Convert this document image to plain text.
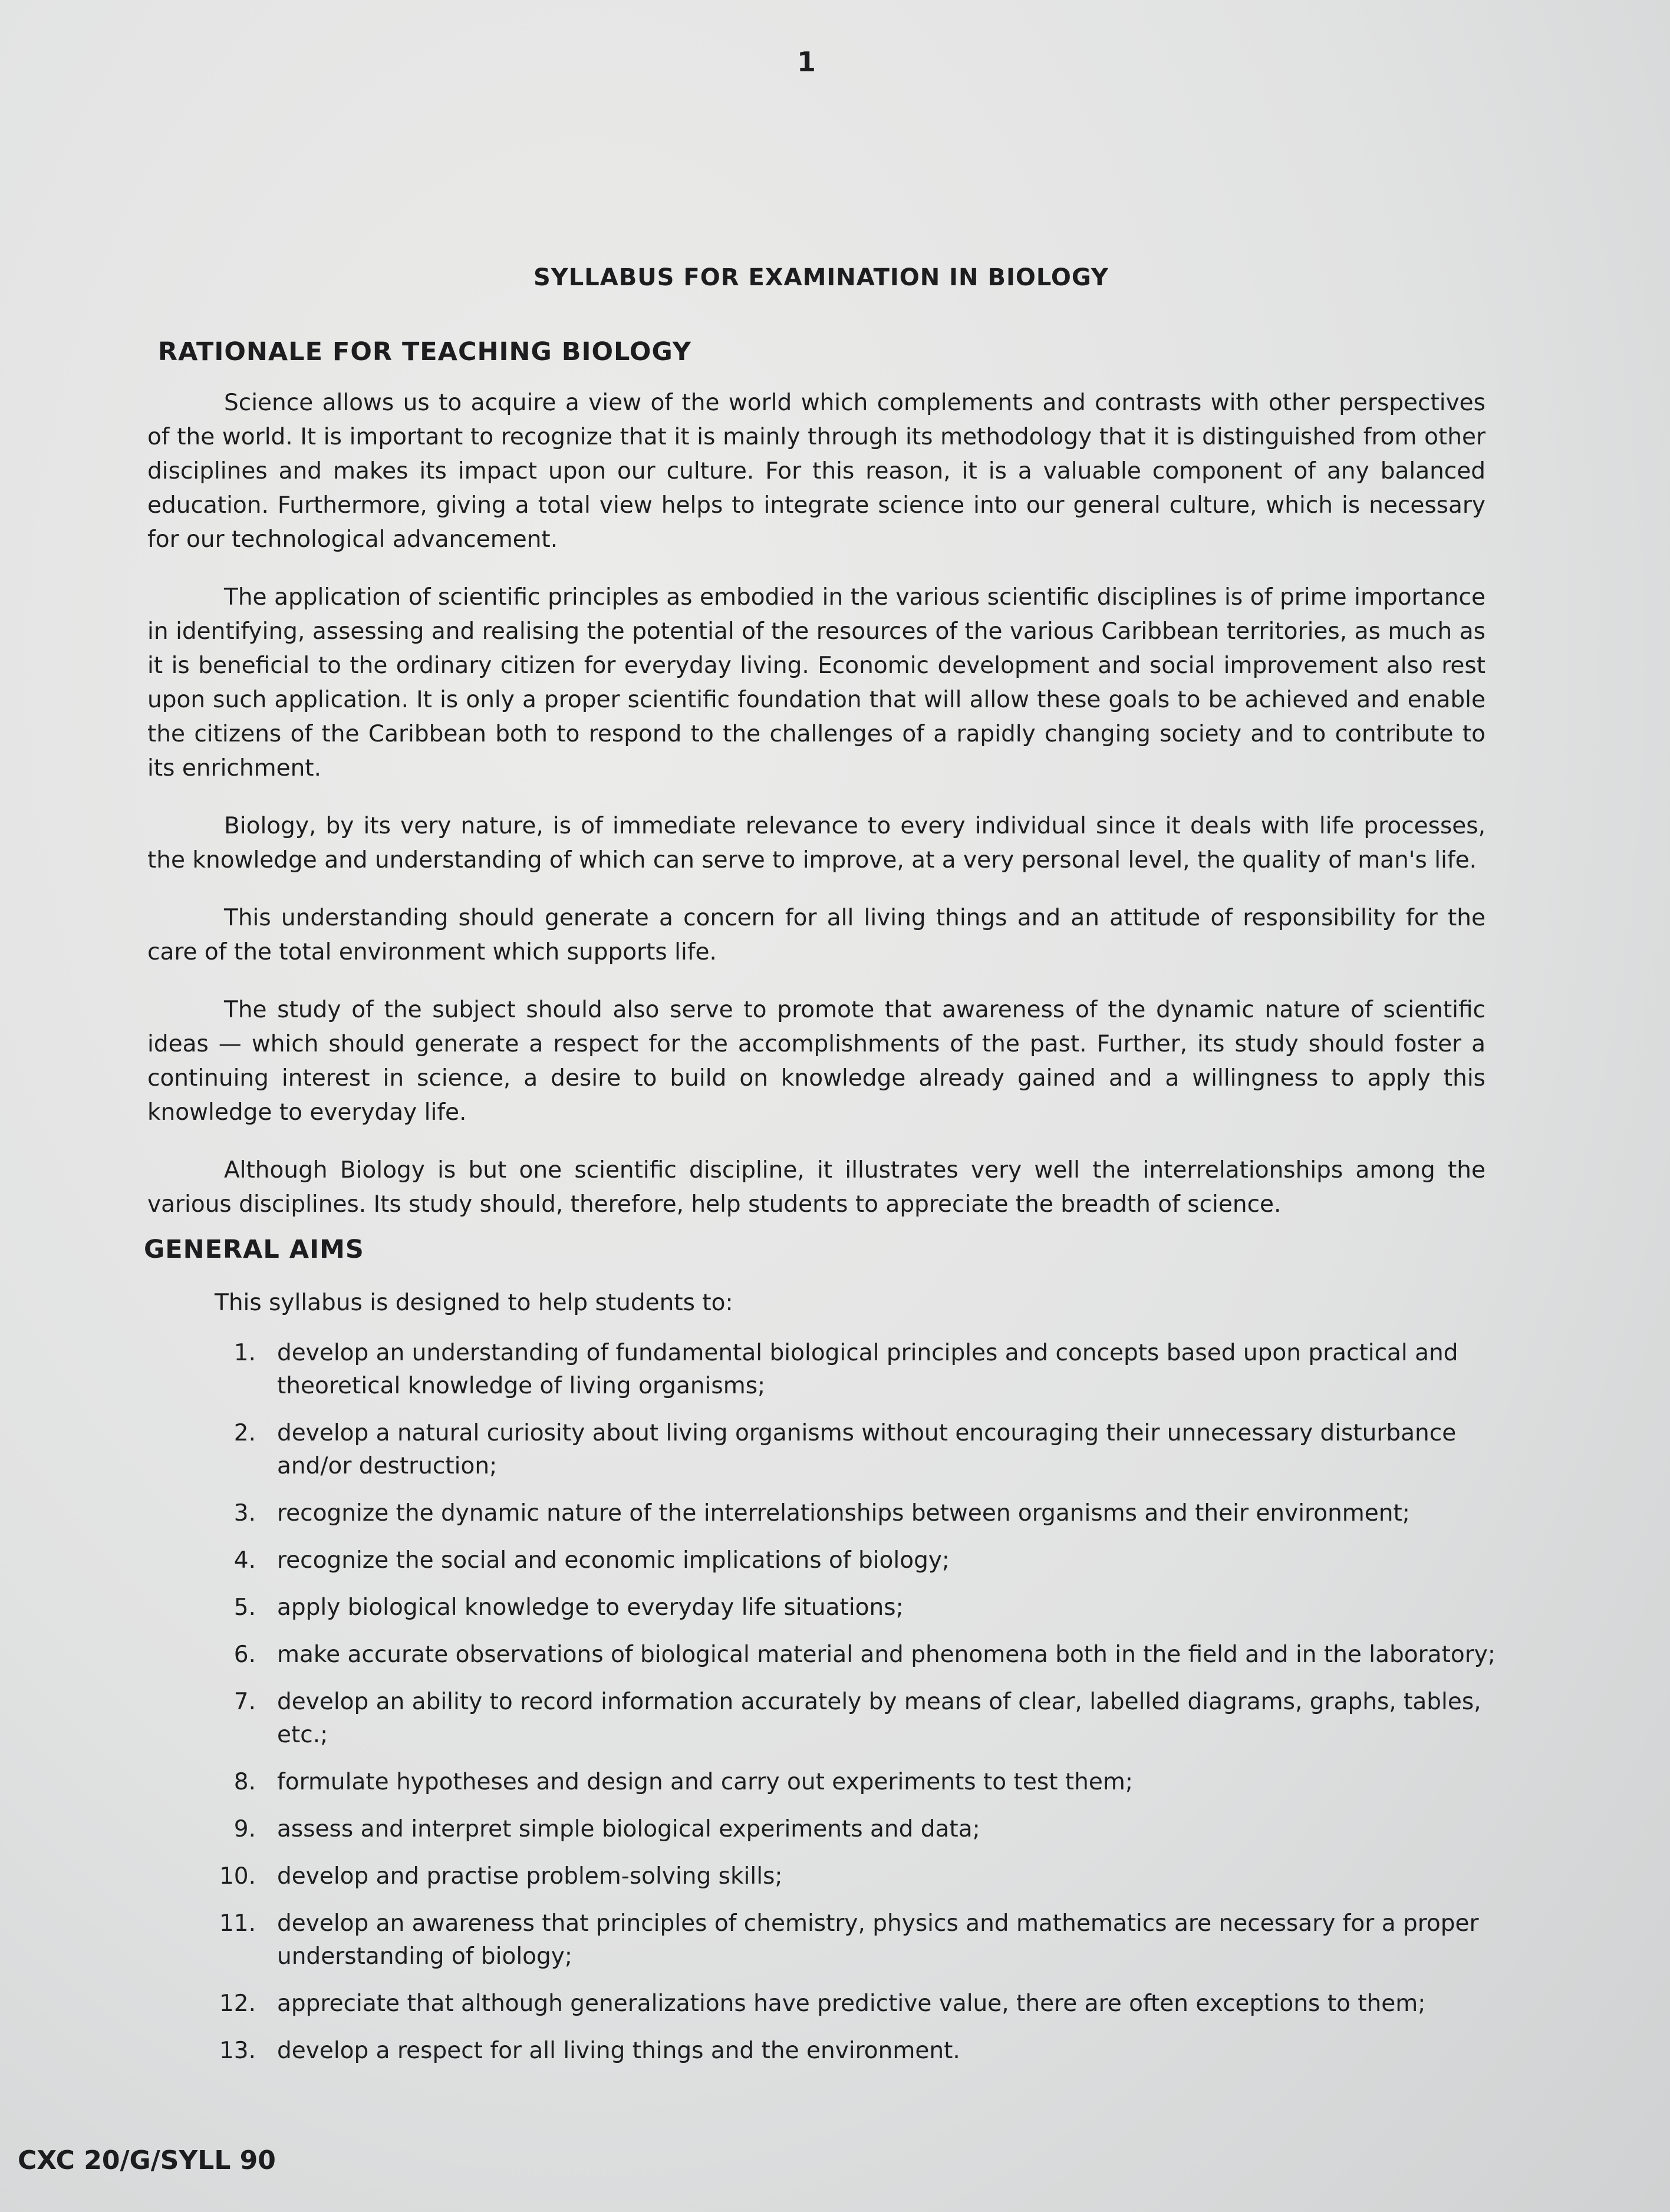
1
SYLLABUS FOR EXAMINATION IN BIOLOGY
RATIONALE FOR TEACHING BIOLOGY

Science allows us to acquire a view of the world which complements and contrasts with other perspectives of the world. It is important to recognize that it is mainly through its methodology that it is distinguished from other disciplines and makes its impact upon our culture. For this reason, it is a valuable component of any balanced education. Furthermore, giving a total view helps to integrate science into our general culture, which is necessary for our technological advancement.

The application of scientific principles as embodied in the various scientific disciplines is of prime importance in identifying, assessing and realising the potential of the resources of the various Caribbean territories, as much as it is beneficial to the ordinary citizen for everyday living. Economic development and social improvement also rest upon such application. It is only a proper scientific foundation that will allow these goals to be achieved and enable the citizens of the Caribbean both to respond to the challenges of a rapidly changing society and to contribute to its enrichment.

Biology, by its very nature, is of immediate relevance to every individual since it deals with life processes, the knowledge and understanding of which can serve to improve, at a very personal level, the quality of man's life.

This understanding should generate a concern for all living things and an attitude of responsibility for the care of the total environment which supports life.

The study of the subject should also serve to promote that awareness of the dynamic nature of scientific ideas — which should generate a respect for the accomplishments of the past. Further, its study should foster a continuing interest in science, a desire to build on knowledge already gained and a willingness to apply this knowledge to everyday life.

Although Biology is but one scientific discipline, it illustrates very well the interrelationships among the various disciplines. Its study should, therefore, help students to appreciate the breadth of science.

GENERAL AIMS
This syllabus is designed to help students to:
1. develop an understanding of fundamental biological principles and concepts based upon practical and theoretical knowledge of living organisms;
2. develop a natural curiosity about living organisms without encouraging their unnecessary disturbance and/or destruction;
3. recognize the dynamic nature of the interrelationships between organisms and their environment;
4. recognize the social and economic implications of biology;
5. apply biological knowledge to everyday life situations;
6. make accurate observations of biological material and phenomena both in the field and in the laboratory;
7. develop an ability to record information accurately by means of clear, labelled diagrams, graphs, tables, etc.;
8. formulate hypotheses and design and carry out experiments to test them;
9. assess and interpret simple biological experiments and data;
10. develop and practise problem-solving skills;
11. develop an awareness that principles of chemistry, physics and mathematics are necessary for a proper understanding of biology;
12. appreciate that although generalizations have predictive value, there are often exceptions to them;
13. develop a respect for all living things and the environment.
CXC 20/G/SYLL 90
